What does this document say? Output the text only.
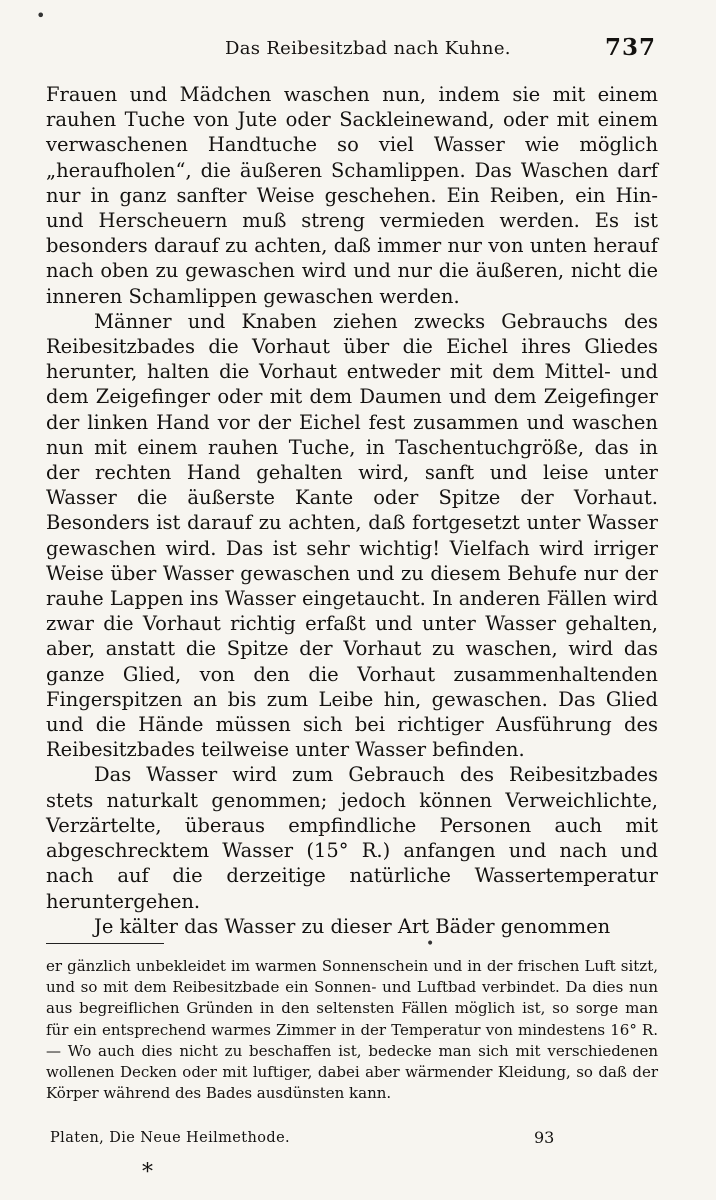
•
Das Reibesitzbad nach Kuhne.	737

Frauen und Mädchen waschen nun, indem sie mit einem rauhen Tuche von Jute oder Sackleinewand, oder mit einem verwaschenen Handtuche so viel Wasser wie möglich „heraufholen“, die äußeren Schamlippen. Das Waschen darf nur in ganz sanfter Weise geschehen. Ein Reiben, ein Hin- und Herscheuern muß streng vermieden werden. Es ist besonders darauf zu achten, daß immer nur von unten herauf nach oben zu gewaschen wird und nur die äußeren, nicht die inneren Schamlippen gewaschen werden.

Männer und Knaben ziehen zwecks Gebrauchs des Reibesitzbades die Vorhaut über die Eichel ihres Gliedes herunter, halten die Vorhaut entweder mit dem Mittel- und dem Zeigefinger oder mit dem Daumen und dem Zeigefinger der linken Hand vor der Eichel fest zusammen und waschen nun mit einem rauhen Tuche, in Taschentuchgröße, das in der rechten Hand gehalten wird, sanft und leise unter Wasser die äußerste Kante oder Spitze der Vorhaut. Besonders ist darauf zu achten, daß fortgesetzt unter Wasser gewaschen wird. Das ist sehr wichtig! Vielfach wird irriger Weise über Wasser gewaschen und zu diesem Behufe nur der rauhe Lappen ins Wasser eingetaucht. In anderen Fällen wird zwar die Vorhaut richtig erfaßt und unter Wasser gehalten, aber, anstatt die Spitze der Vorhaut zu waschen, wird das ganze Glied, von den die Vorhaut zusammenhaltenden Fingerspitzen an bis zum Leibe hin, gewaschen. Das Glied und die Hände müssen sich bei richtiger Ausführung des Reibesitzbades teilweise unter Wasser befinden.

Das Wasser wird zum Gebrauch des Reibesitzbades stets naturkalt genommen; jedoch können Verweichlichte, Verzärtelte, überaus empfindliche Personen auch mit abgeschrecktem Wasser (15° R.) anfangen und nach und nach auf die derzeitige natürliche Wassertemperatur heruntergehen.

Je kälter das Wasser zu dieser Art Bäder genommen

•

er gänzlich unbekleidet im warmen Sonnenschein und in der frischen Luft sitzt, und so mit dem Reibesitzbade ein Sonnen- und Luftbad verbindet. Da dies nun aus begreiflichen Gründen in den seltensten Fällen möglich ist, so sorge man für ein entsprechend warmes Zimmer in der Temperatur von mindestens 16° R. — Wo auch dies nicht zu beschaffen ist, bedecke man sich mit verschiedenen wollenen Decken oder mit luftiger, dabei aber wärmender Kleidung, so daß der Körper während des Bades ausdünsten kann.

Platen, Die Neue Heilmethode.	93
*
